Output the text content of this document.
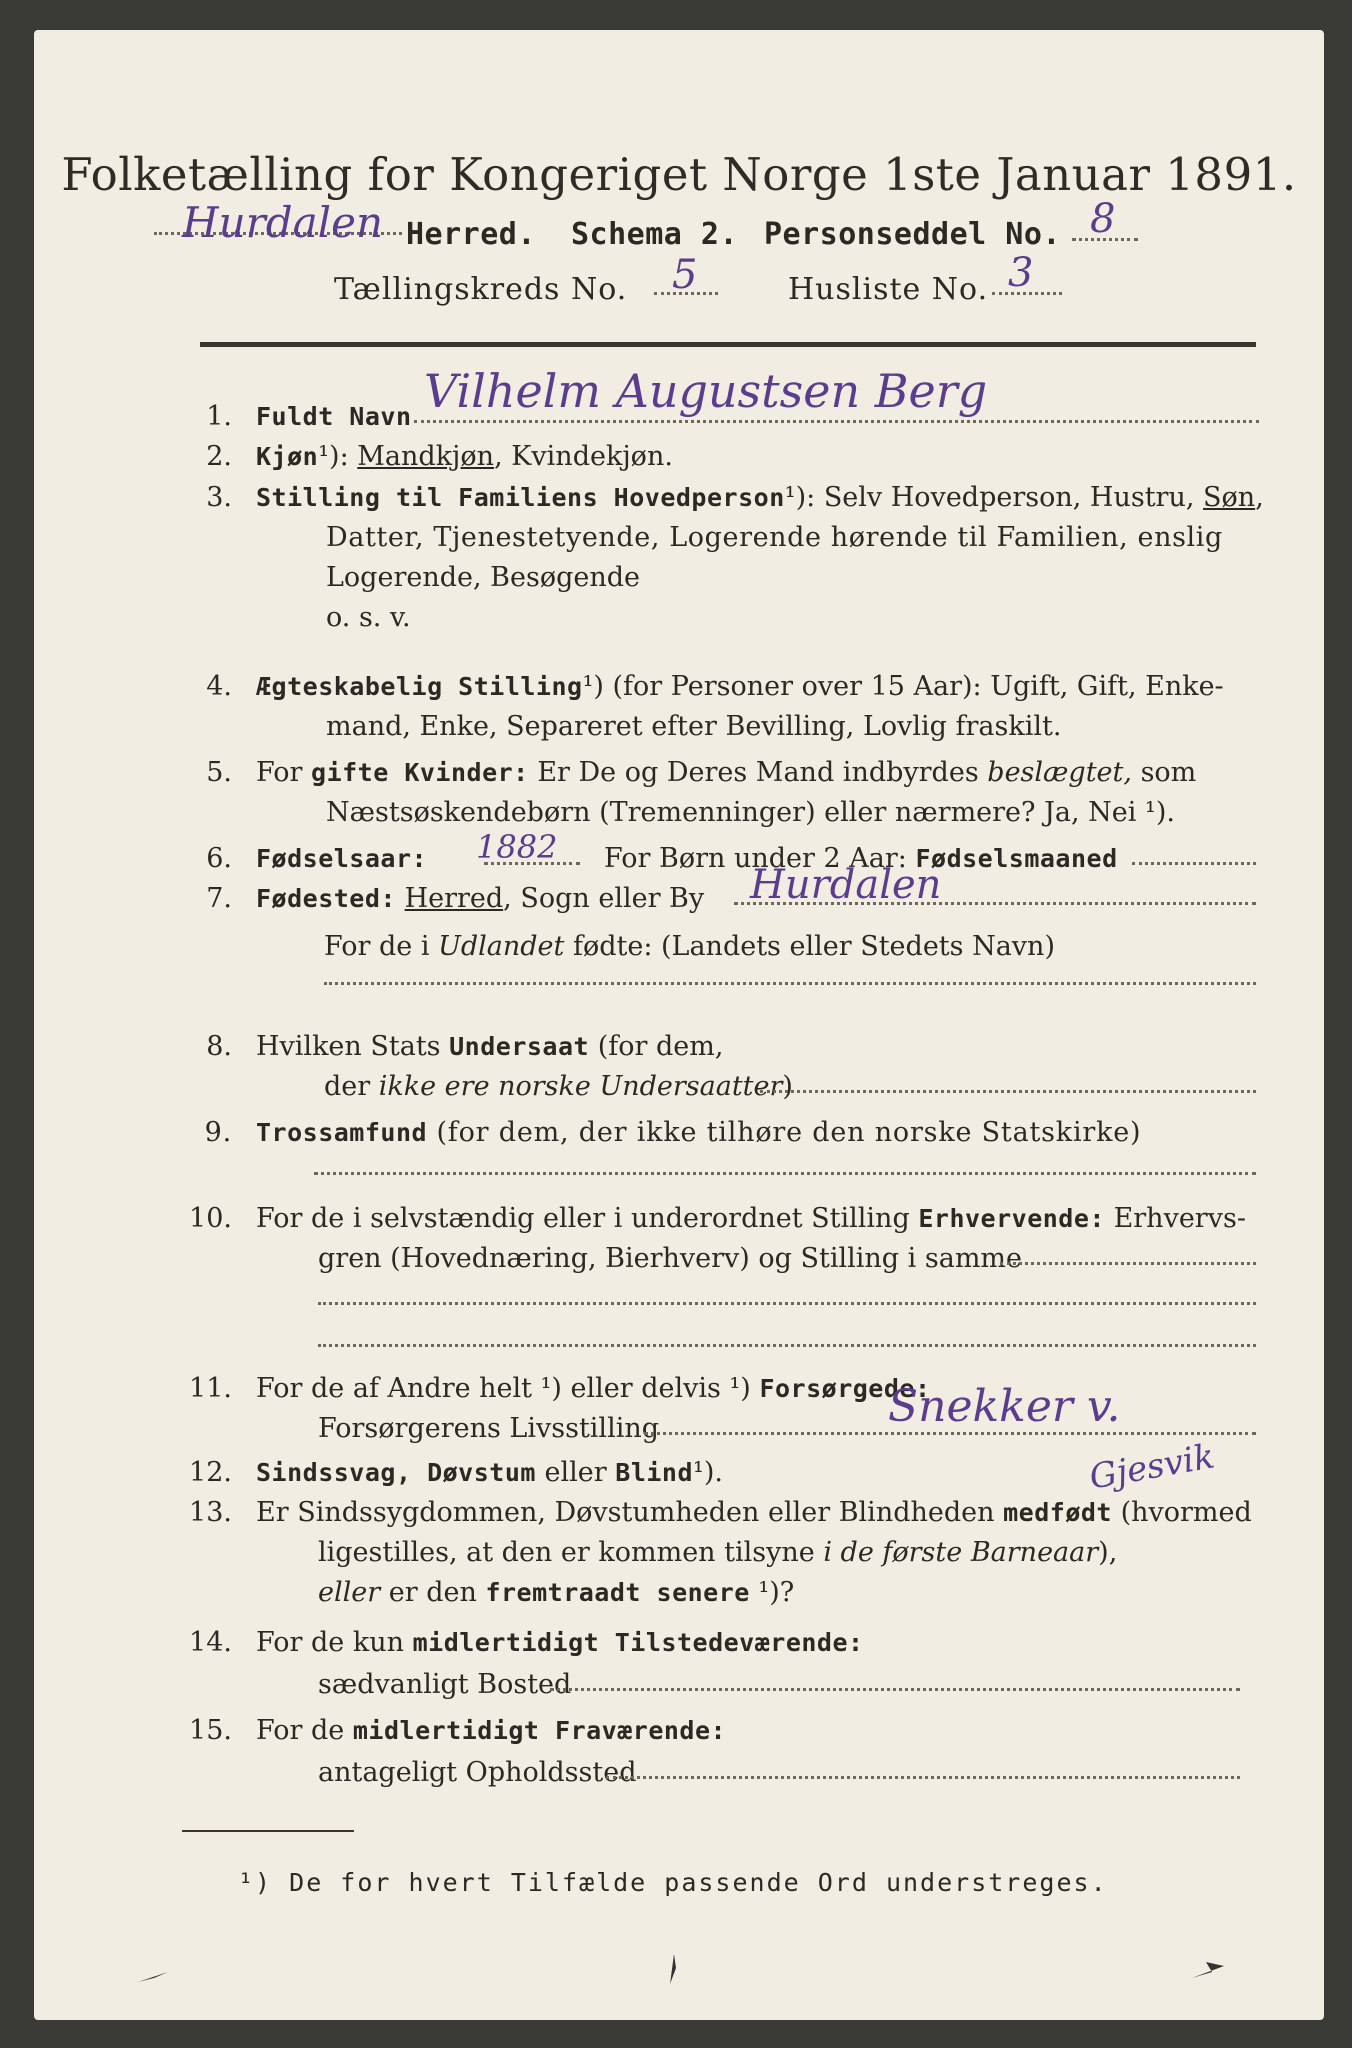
Folketælling for Kongeriget Norge 1ste Januar 1891.
Hurdalen Herred. Schema 2. Personseddel No. 8
Tællingskreds No. 5	Husliste No. 3
1. Fuldt Navn Vilhelm Augustsen Berg
2. Kjøn¹): Mandkjøn, Kvindekjøn.
3. Stilling til Familiens Hovedperson¹): Selv Hovedperson, Hustru, Søn,
Datter, Tjenestetyende, Logerende hørende til Familien, enslig
Logerende, Besøgende
o. s. v.
4. Ægteskabelig Stilling¹) (for Personer over 15 Aar): Ugift, Gift, Enke-
mand, Enke, Separeret efter Bevilling, Lovlig fraskilt.
5. For gifte Kvinder: Er De og Deres Mand indbyrdes beslægtet, som
Næstsøskendebørn (Tremenninger) eller nærmere? Ja, Nei ¹).
6. Fødselsaar: 1882 For Børn under 2 Aar: Fødselsmaaned
7. Fødested: Herred, Sogn eller By Hurdalen
For de i Udlandet fødte: (Landets eller Stedets Navn)
8. Hvilken Stats Undersaat (for dem,
der ikke ere norske Undersaatter)
9. Trossamfund (for dem, der ikke tilhøre den norske Statskirke)
10. For de i selvstændig eller i underordnet Stilling Erhvervende: Erhvervs-
gren (Hovednæring, Bierhverv) og Stilling i samme
11. For de af Andre helt ¹) eller delvis ¹) Forsørgede:
Forsørgerens Livsstilling	Snekker v.
Gjesvik
12. Sindssvag, Døvstum eller Blind¹).
13. Er Sindssygdommen, Døvstumheden eller Blindheden medfødt (hvormed
ligestilles, at den er kommen tilsyne i de første Barneaar),
eller er den fremtraadt senere ¹)?
14. For de kun midlertidigt Tilstedeværende:
sædvanligt Bosted
15. For de midlertidigt Fraværende:
antageligt Opholdssted
¹) De for hvert Tilfælde passende Ord understreges.
